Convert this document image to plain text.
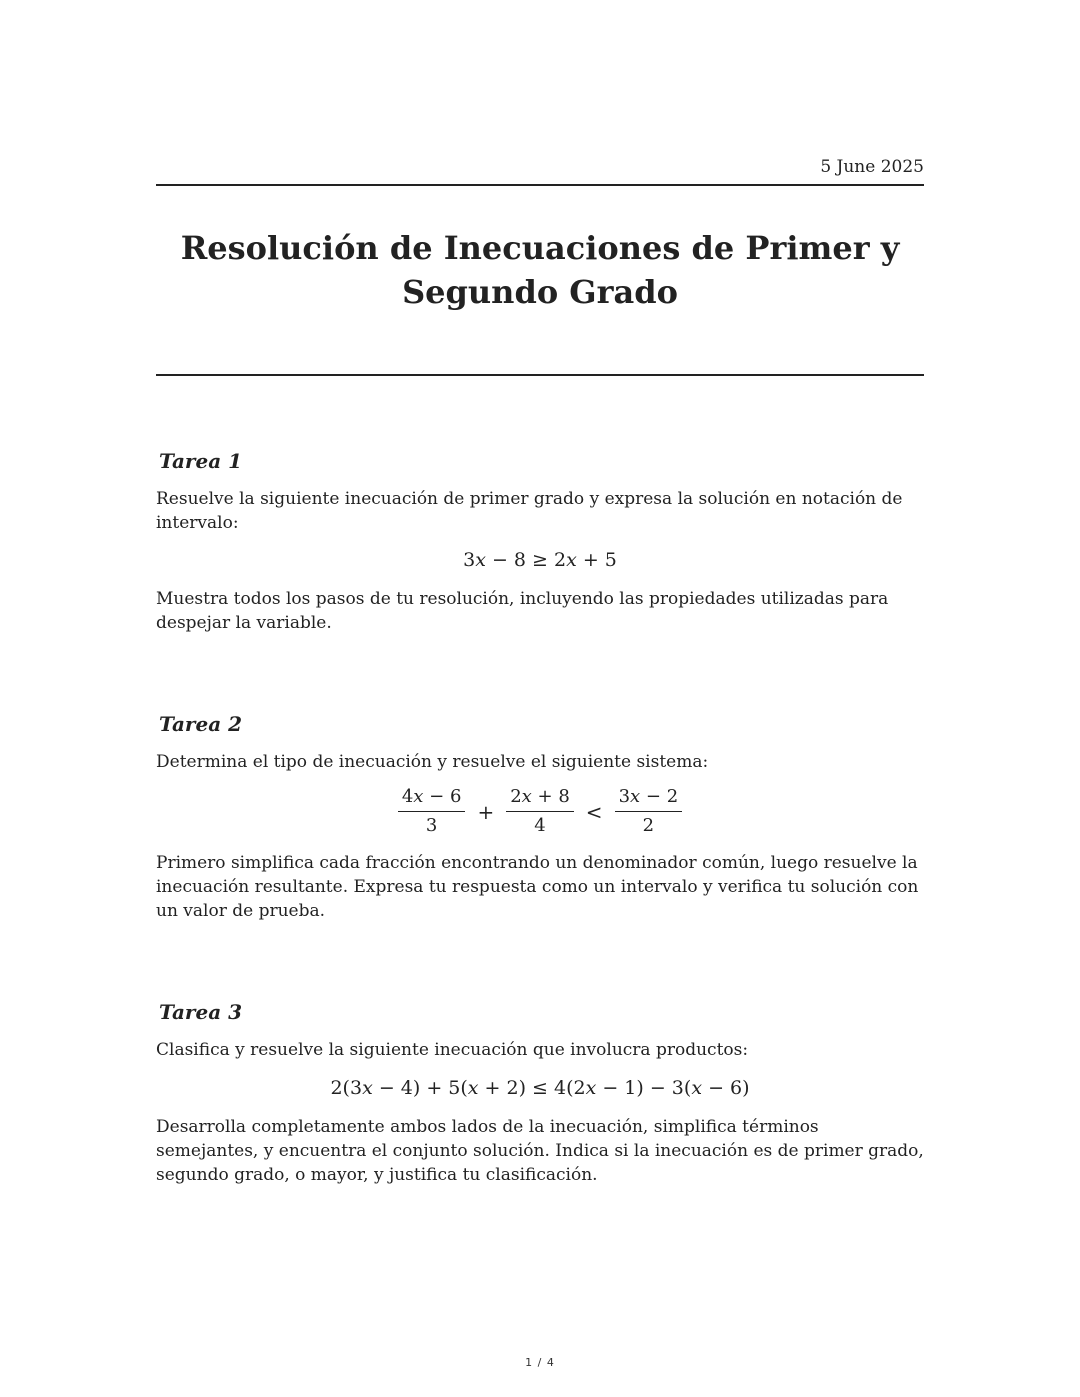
5 June 2025
Resolución de Inecuaciones de Primer y
Segundo Grado
Tarea 1

Resuelve la siguiente inecuación de primer grado y expresa la solución en notación de intervalo:

3x − 8 ≥ 2x + 5

Muestra todos los pasos de tu resolución, incluyendo las propiedades utilizadas para despejar la variable.

Tarea 2

Determina el tipo de inecuación y resuelve el siguiente sistema:

$\frac{4x - 6}{3} + \frac{2x + 8}{4} < \frac{3x - 2}{2}$

Primero simplifica cada fracción encontrando un denominador común, luego resuelve la inecuación resultante. Expresa tu respuesta como un intervalo y verifica tu solución con un valor de prueba.

Tarea 3

Clasifica y resuelve la siguiente inecuación que involucra productos:

2(3x − 4) + 5(x + 2) ≤ 4(2x − 1) − 3(x − 6)

Desarrolla completamente ambos lados de la inecuación, simplifica términos semejantes, y encuentra el conjunto solución. Indica si la inecuación es de primer grado, segundo grado, o mayor, y justifica tu clasificación.

1 / 4
